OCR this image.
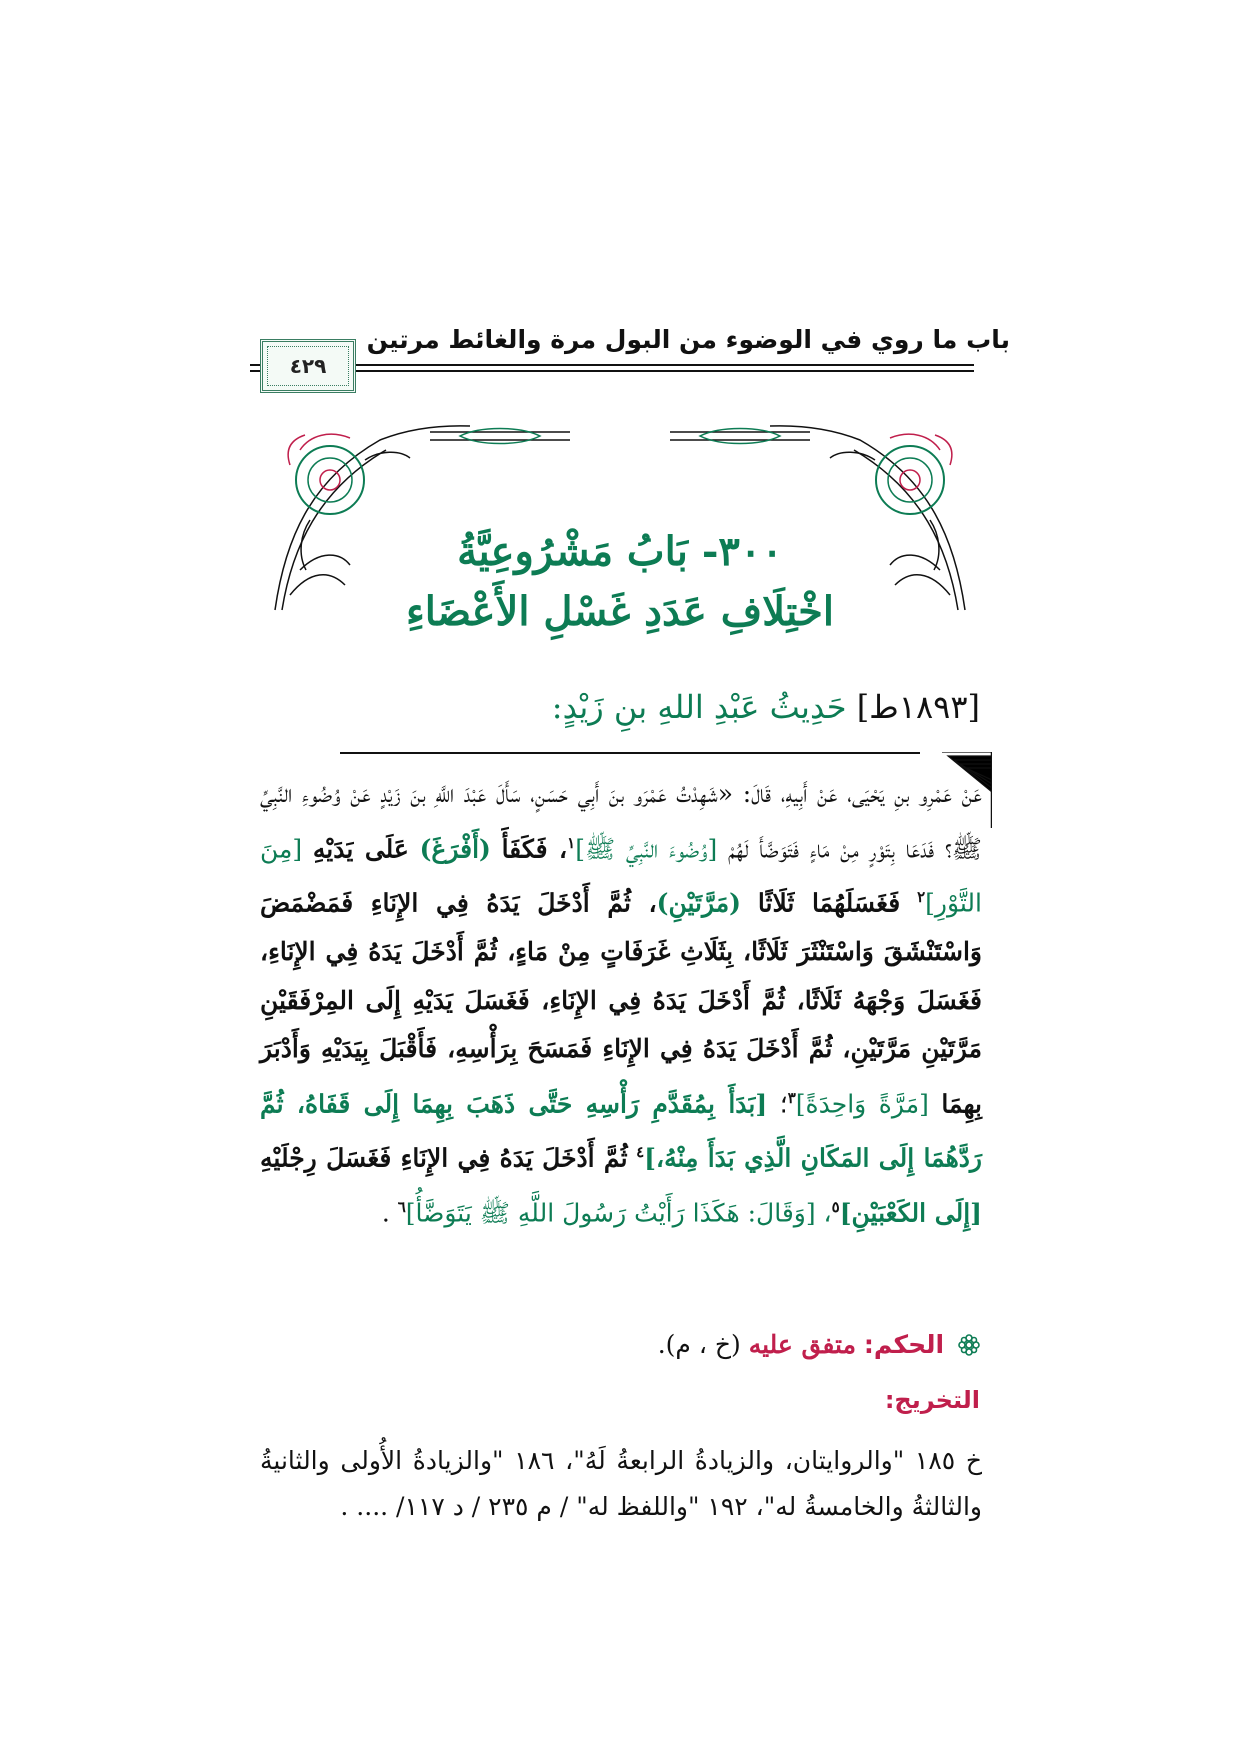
باب ما روي في الوضوء من البول مرة والغائط مرتين
٤٢٩
٣٠٠- بَابُ مَشْرُوعِيَّةُ
اخْتِلَافِ عَدَدِ غَسْلِ الأَعْضَاءِ
[١٨٩٣ط] حَدِيثُ عَبْدِ اللهِ بنِ زَيْدٍ:
عَنْ عَمْرِو بنِ يَحْيَى، عَنْ أَبِيهِ، قَالَ: «شَهِدْتُ عَمْرَو بنَ أَبِي حَسَنٍ، سَأَلَ عَبْدَ اللَّهِ بنَ زَيْدٍ عَنْ وُضُوءِ النَّبِيِّ ﷺ؟ فَدَعَا بِتَوْرٍ مِنْ مَاءٍ فَتَوَضَّأَ لَهُمْ [وُضُوءَ النَّبِيِّ ﷺ]$^١$، فَكَفَأَ (أَفْرَغَ) عَلَى يَدَيْهِ [مِنَ التَّوْرِ]$^٢$ فَغَسَلَهُمَا ثَلَاثًا (مَرَّتَيْنِ)، ثُمَّ أَدْخَلَ يَدَهُ فِي الإِنَاءِ فَمَضْمَضَ وَاسْتَنْشَقَ وَاسْتَنْثَرَ ثَلَاثًا، بِثَلَاثِ غَرَفَاتٍ مِنْ مَاءٍ، ثُمَّ أَدْخَلَ يَدَهُ فِي الإِنَاءِ، فَغَسَلَ وَجْهَهُ ثَلَاثًا، ثُمَّ أَدْخَلَ يَدَهُ فِي الإِنَاءِ، فَغَسَلَ يَدَيْهِ إِلَى المِرْفَقَيْنِ مَرَّتَيْنِ مَرَّتَيْنِ، ثُمَّ أَدْخَلَ يَدَهُ فِي الإِنَاءِ فَمَسَحَ بِرَأْسِهِ، فَأَقْبَلَ بِيَدَيْهِ وَأَدْبَرَ بِهِمَا [مَرَّةً وَاحِدَةً]$^٣$؛ [بَدَأَ بِمُقَدَّمِ رَأْسِهِ حَتَّى ذَهَبَ بِهِمَا إِلَى قَفَاهُ، ثُمَّ رَدَّهُمَا إِلَى المَكَانِ الَّذِي بَدَأَ مِنْهُ،]$^٤$ ثُمَّ أَدْخَلَ يَدَهُ فِي الإِنَاءِ فَغَسَلَ رِجْلَيْهِ [إِلَى الكَعْبَيْنِ]$^٥$، [وَقَالَ: هَكَذَا رَأَيْتُ رَسُولَ اللَّهِ ﷺ يَتَوَضَّأُ]$^٦$ .
الحكم: متفق عليه (خ ، م).
التخريج:
خ ١٨٥ "والروايتان، والزيادةُ الرابعةُ لَهُ"، ١٨٦ "والزيادةُ الأُولى والثانيةُ والثالثةُ والخامسةُ له"، ١٩٢ "واللفظ له" / م ٢٣٥ / د ١١٧/ .... .
